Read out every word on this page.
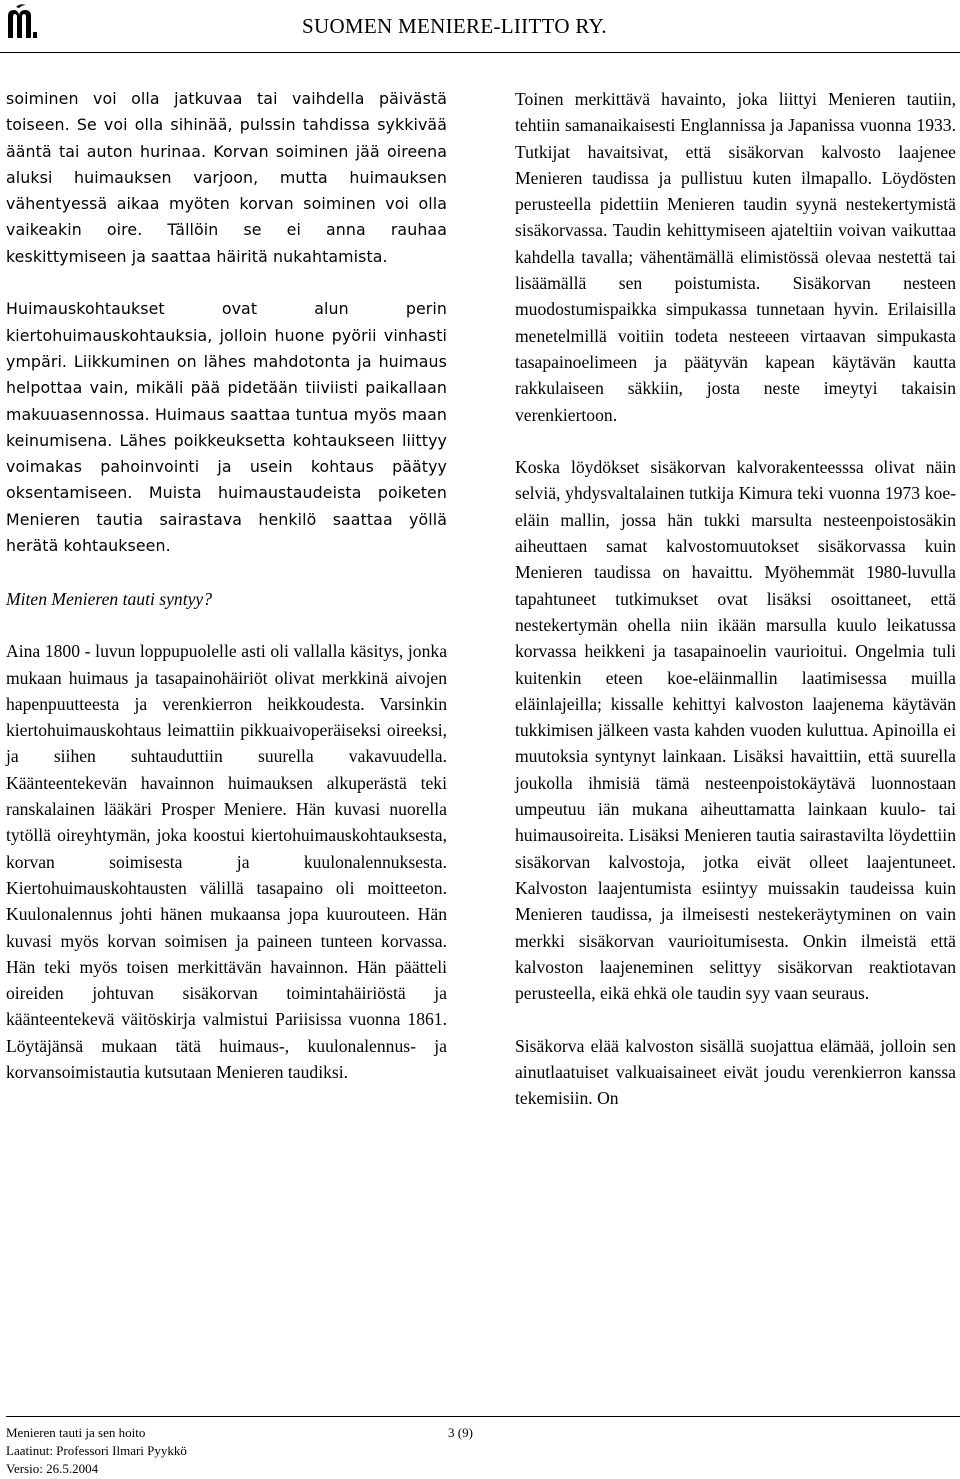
SUOMEN MENIERE-LIITTO RY.

soiminen voi olla jatkuvaa tai vaihdella päivästä toiseen. Se voi olla sihinää, pulssin tahdissa sykkivää ääntä tai auton hurinaa. Korvan soiminen jää oireena aluksi huimauksen varjoon, mutta huimauksen vähentyessä aikaa myöten korvan soiminen voi olla vaikeakin oire. Tällöin se ei anna rauhaa keskittymiseen ja saattaa häiritä nukahtamista.

Huimauskohtaukset ovat alun perin kiertohuimauskohtauksia, jolloin huone pyörii vinhasti ympäri. Liikkuminen on lähes mahdotonta ja huimaus helpottaa vain, mikäli pää pidetään tiiviisti paikallaan makuuasennossa. Huimaus saattaa tuntua myös maan keinumisena. Lähes poikkeuksetta kohtaukseen liittyy voimakas pahoinvointi ja usein kohtaus päätyy oksentamiseen. Muista huimaustaudeista poiketen Menieren tautia sairastava henkilö saattaa yöllä herätä kohtaukseen.

Miten Menieren tauti syntyy?

Aina 1800 - luvun loppupuolelle asti oli vallalla käsitys, jonka mukaan huimaus ja tasapainohäiriöt olivat merkkinä aivojen hapenpuutteesta ja verenkierron heikkoudesta. Varsinkin kiertohuimauskohtaus leimattiin pikkuaivoperäiseksi oireeksi, ja siihen suhtauduttiin suurella vakavuudella. Käänteentekevän havainnon huimauksen alkuperästä teki ranskalainen lääkäri Prosper Meniere. Hän kuvasi nuorella tytöllä oireyhtymän, joka koostui kiertohuimauskohtauksesta, korvan soimisesta ja kuulonalennuksesta. Kiertohuimauskohtausten välillä tasapaino oli moitteeton. Kuulonalennus johti hänen mukaansa jopa kuurouteen. Hän kuvasi myös korvan soimisen ja paineen tunteen korvassa. Hän teki myös toisen merkittävän havainnon. Hän päätteli oireiden johtuvan sisäkorvan toimintahäiriöstä ja käänteentekevä väitöskirja valmistui Pariisissa vuonna 1861. Löytäjänsä mukaan tätä huimaus-, kuulonalennus- ja korvansoimistautia kutsutaan Menieren taudiksi.

Toinen merkittävä havainto, joka liittyi Menieren tautiin, tehtiin samanaikaisesti Englannissa ja Japanissa vuonna 1933. Tutkijat havaitsivat, että sisäkorvan kalvosto laajenee Menieren taudissa ja pullistuu kuten ilmapallo. Löydösten perusteella pidettiin Menieren taudin syynä nestekertymistä sisäkorvassa. Taudin kehittymiseen ajateltiin voivan vaikuttaa kahdella tavalla; vähentämällä elimistössä olevaa nestettä tai lisäämällä sen poistumista. Sisäkorvan nesteen muodostumispaikka simpukassa tunnetaan hyvin. Erilaisilla menetelmillä voitiin todeta nesteeen virtaavan simpukasta tasapainoelimeen ja päätyvän kapean käytävän kautta rakkulaiseen säkkiin, josta neste imeytyi takaisin verenkiertoon.

Koska löydökset sisäkorvan kalvorakenteesssa olivat näin selviä, yhdysvaltalainen tutkija Kimura teki vuonna 1973 koe-eläin mallin, jossa hän tukki marsulta nesteenpoistosäkin aiheuttaen samat kalvostomuutokset sisäkorvassa kuin Menieren taudissa on havaittu. Myöhemmät 1980-luvulla tapahtuneet tutkimukset ovat lisäksi osoittaneet, että nestekertymän ohella niin ikään marsulla kuulo leikatussa korvassa heikkeni ja tasapainoelin vaurioitui. Ongelmia tuli kuitenkin eteen koe-eläinmallin laatimisessa muilla eläinlajeilla; kissalle kehittyi kalvoston laajenema käytävän tukkimisen jälkeen vasta kahden vuoden kuluttua. Apinoilla ei muutoksia syntynyt lainkaan. Lisäksi havaittiin, että suurella joukolla ihmisiä tämä nesteenpoistokäytävä luonnostaan umpeutuu iän mukana aiheuttamatta lainkaan kuulo- tai huimausoireita. Lisäksi Menieren tautia sairastavilta löydettiin sisäkorvan kalvostoja, jotka eivät olleet laajentuneet. Kalvoston laajentumista esiintyy muissakin taudeissa kuin Menieren taudissa, ja ilmeisesti nestekeräytyminen on vain merkki sisäkorvan vaurioitumisesta. Onkin ilmeistä että kalvoston laajeneminen selittyy sisäkorvan reaktiotavan perusteella, eikä ehkä ole taudin syy vaan seuraus.

Sisäkorva elää kalvoston sisällä suojattua elämää, jolloin sen ainutlaatuiset valkuaisaineet eivät joudu verenkierron kanssa tekemisiin. On

Menieren tauti ja sen hoito
Laatinut: Professori Ilmari Pyykkö
Versio: 26.5.2004
3 (9)
